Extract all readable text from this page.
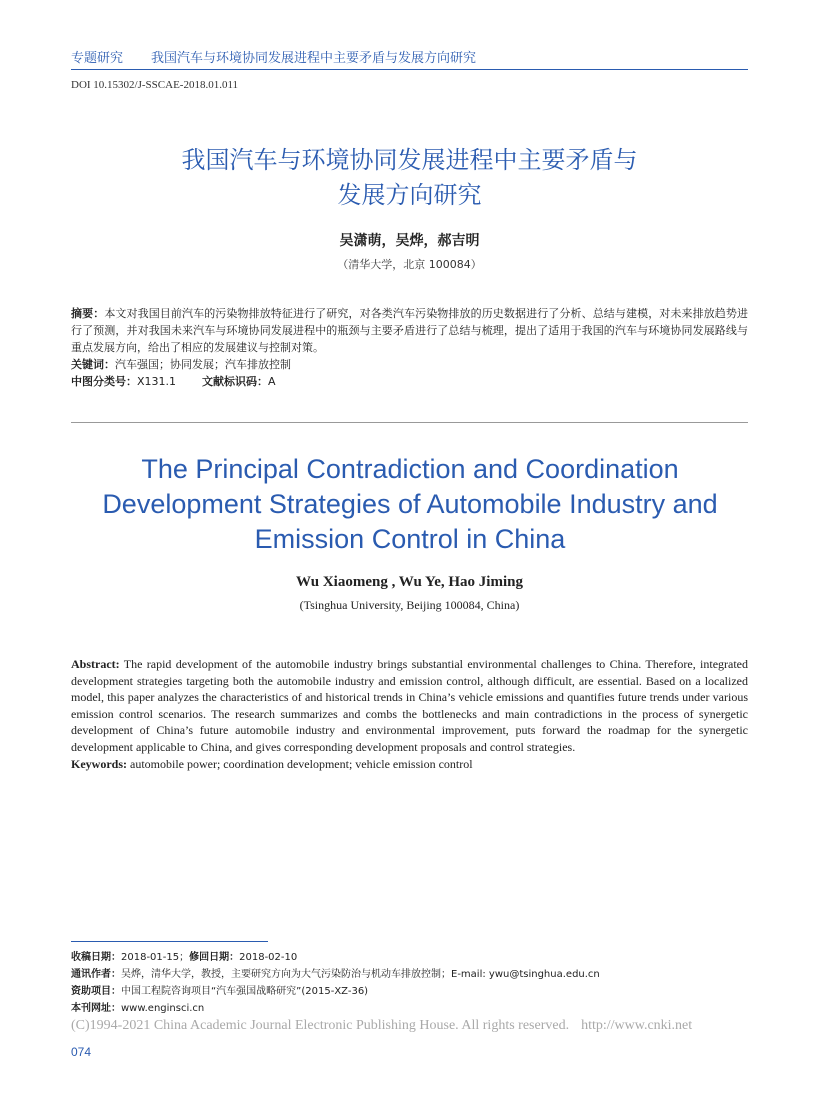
专题研究 我国汽车与环境协同发展进程中主要矛盾与发展方向研究
DOI 10.15302/J-SSCAE-2018.01.011
我国汽车与环境协同发展进程中主要矛盾与
发展方向研究
吴潇萌，吴烨，郝吉明
（清华大学，北京 100084）

摘要：本文对我国目前汽车的污染物排放特征进行了研究，对各类汽车污染物排放的历史数据进行了分析、总结与建模，对未来排放趋势进行了预测，并对我国未来汽车与环境协同发展进程中的瓶颈与主要矛盾进行了总结与梳理，提出了适用于我国的汽车与环境协同发展路线与重点发展方向，给出了相应的发展建议与控制对策。

关键词：汽车强国；协同发展；汽车排放控制

中图分类号：X131.1 文献标识码：A

The Principal Contradiction and Coordination
Development Strategies of Automobile Industry and
Emission Control in China
Wu Xiaomeng , Wu Ye, Hao Jiming
(Tsinghua University, Beijing 100084, China)

Abstract: The rapid development of the automobile industry brings substantial environmental challenges to China. Therefore, integrated development strategies targeting both the automobile industry and emission control, although difficult, are essential. Based on a localized model, this paper analyzes the characteristics of and historical trends in China’s vehicle emissions and quantifies future trends under various emission control scenarios. The research summarizes and combs the bottlenecks and main contradictions in the process of synergetic development of China’s future automobile industry and environmental improvement, puts forward the roadmap for the synergetic development applicable to China, and gives corresponding development proposals and control strategies.

Keywords: automobile power; coordination development; vehicle emission control

收稿日期：2018-01-15；修回日期：2018-02-10

通讯作者：吴烨，清华大学，教授，主要研究方向为大气污染防治与机动车排放控制；E-mail: ywu@tsinghua.edu.cn

资助项目：中国工程院咨询项目“汽车强国战略研究”(2015-XZ-36)

本刊网址：www.enginsci.cn

(C)1994-2021 China Academic Journal Electronic Publishing House. All rights reserved. http://www.cnki.net
074
